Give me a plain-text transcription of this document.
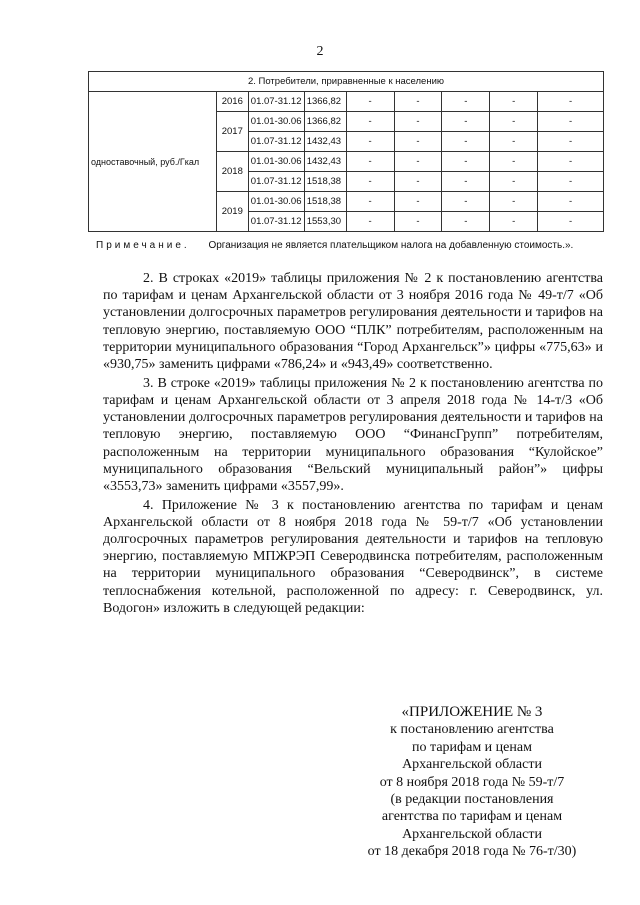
2
2. Потребители, приравненные к населению								
одноставочный, руб./Гкал	2016	01.07-31.12	1366,82	-	-	-	-	-
	2017	01.01-30.06	1366,82	-	-	-	-	-
		01.07-31.12	1432,43	-	-	-	-	-
	2018	01.01-30.06	1432,43	-	-	-	-	-
		01.07-31.12	1518,38	-	-	-	-	-
	2019	01.01-30.06	1518,38	-	-	-	-	-
		01.07-31.12	1553,30	-	-	-	-	-
Примечание. Организация не является плательщиком налога на добавленную стоимость.».

2. В строках «2019» таблицы приложения № 2 к постановлению агентства по тарифам и ценам Архангельской области от 3 ноября 2016 года № 49-т/7 «Об установлении долгосрочных параметров регулирования деятельности и тарифов на тепловую энергию, поставляемую ООО “ПЛК” потребителям, расположенным на территории муниципального образования “Город Архангельск”» цифры «775,63» и «930,75» заменить цифрами «786,24» и «943,49» соответственно.

3. В строке «2019» таблицы приложения № 2 к постановлению агентства по тарифам и ценам Архангельской области от 3 апреля 2018 года № 14-т/3 «Об установлении долгосрочных параметров регулирования деятельности и тарифов на тепловую энергию, поставляемую ООО “ФинансГрупп” потребителям, расположенным на территории муниципального образования “Кулойское” муниципального образования “Вельский муниципальный район”» цифры «3553,73» заменить цифрами «3557,99».

4. Приложение № 3 к постановлению агентства по тарифам и ценам Архангельской области от 8 ноября 2018 года № 59-т/7 «Об установлении долгосрочных параметров регулирования деятельности и тарифов на тепловую энергию, поставляемую МПЖРЭП Северодвинска потребителям, расположенным на территории муниципального образования “Северодвинск”, в системе теплоснабжения котельной, расположенной по адресу: г. Северодвинск, ул. Водогон» изложить в следующей редакции:

«ПРИЛОЖЕНИЕ № 3
к постановлению агентства
по тарифам и ценам
Архангельской области
от 8 ноября 2018 года № 59-т/7
(в редакции постановления
агентства по тарифам и ценам
Архангельской области
от 18 декабря 2018 года № 76-т/30)
